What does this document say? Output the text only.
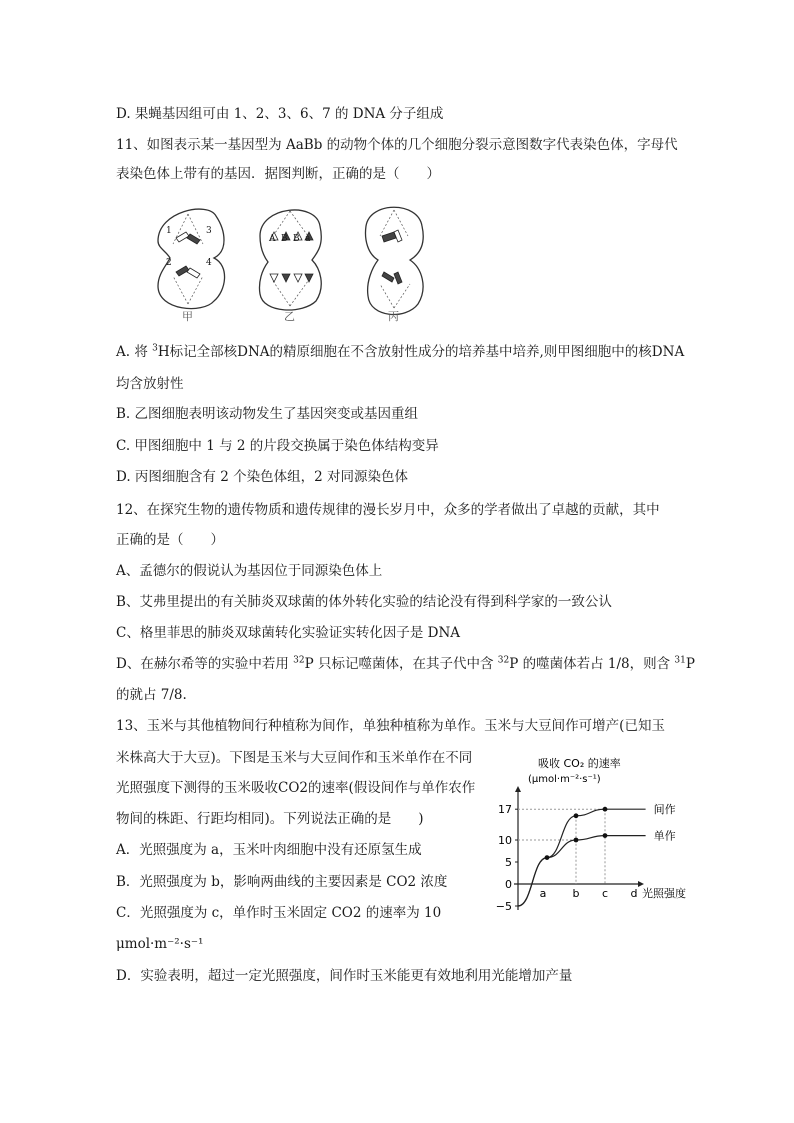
D. 果蝇基因组可由 1、2、3、6、7 的 DNA 分子组成
11、如图表示某一基因型为 AaBb 的动物个体的几个细胞分裂示意图数字代表染色体，字母代
表染色体上带有的基因．据图判断，正确的是（　　）
甲	乙	丙
1
2
3
4
A B B a
A. 将 $^3$H标记全部核DNA的精原细胞在不含放射性成分的培养基中培养,则甲图细胞中的核DNA
均含放射性
B. 乙图细胞表明该动物发生了基因突变或基因重组
C. 甲图细胞中 1 与 2 的片段交换属于染色体结构变异
D. 丙图细胞含有 2 个染色体组，2 对同源染色体
12、在探究生物的遗传物质和遗传规律的漫长岁月中，众多的学者做出了卓越的贡献，其中
正确的是（　　）
A、孟德尔的假说认为基因位于同源染色体上
B、艾弗里提出的有关肺炎双球菌的体外转化实验的结论没有得到科学家的一致公认
C、格里菲思的肺炎双球菌转化实验证实转化因子是 DNA
D、在赫尔希等的实验中若用 $^{32}$P 只标记噬菌体，在其子代中含 $^{32}$P 的噬菌体若占 1/8，则含 $^{31}$P
的就占 7/8.
13、玉米与其他植物间行种植称为间作，单独种植称为单作。玉米与大豆间作可增产(已知玉
米株高大于大豆)。下图是玉米与大豆间作和玉米单作在不同
光照强度下测得的玉米吸收CO2的速率(假设间作与单作农作
物间的株距、行距均相同)。下列说法正确的是　　)
A．光照强度为 a，玉米叶肉细胞中没有还原氢生成
B．光照强度为 b，影响两曲线的主要因素是 CO2 浓度
C．光照强度为 c，单作时玉米固定 CO2 的速率为 10
μmol·m⁻²·s⁻¹
D．实验表明，超过一定光照强度，间作时玉米能更有效地利用光能增加产量
吸收 CO₂ 的速率
(μmol·m⁻²·s⁻¹)
光照强度
17
10
5
0
−5
a b c d
间作
单作
